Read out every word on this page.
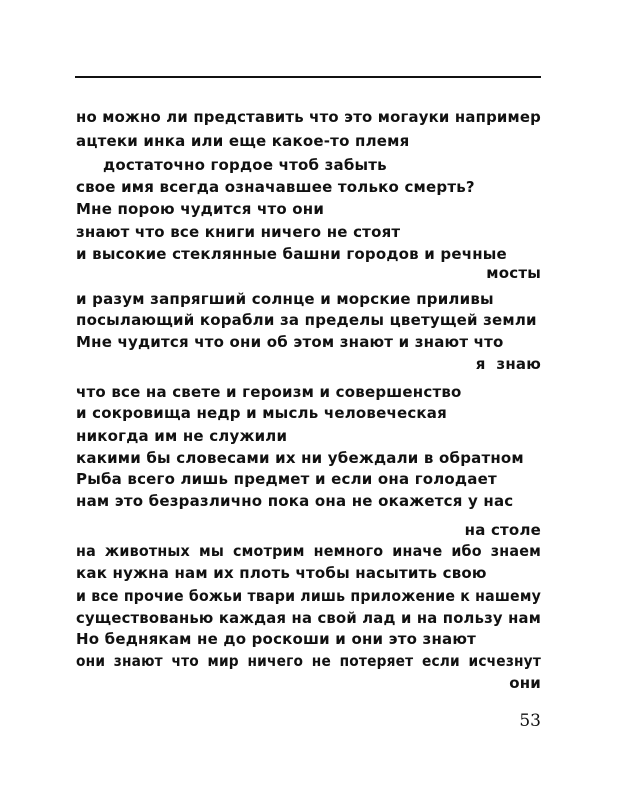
но можно ли представить что это могауки например
ацтеки инка или еще какое-то племя
достаточно гордое чтоб забыть
свое имя всегда означавшее только смерть?
Мне порою чудится что они
знают что все книги ничего не стоят
и высокие стеклянные башни городов и речные
мосты
и разум запрягший солнце и морские приливы
посылающий корабли за пределы цветущей земли
Мне чудится что они об этом знают и знают что
я  знаю
что все на свете и героизм и совершенство
и сокровища недр и мысль человеческая
никогда им не служили
какими бы словесами их ни убеждали в обратном
Рыба всего лишь предмет и если она голодает
нам это безразлично пока она не окажется у нас
на столе
на животных мы смотрим немного иначе ибо знаем
как нужна нам их плоть чтобы насытить свою
и все прочие божьи твари лишь приложение к нашему
существованью каждая на свой лад и на пользу нам
Но беднякам не до роскоши и они это знают
они знают что мир ничего не потеряет если исчезнут
они
53
